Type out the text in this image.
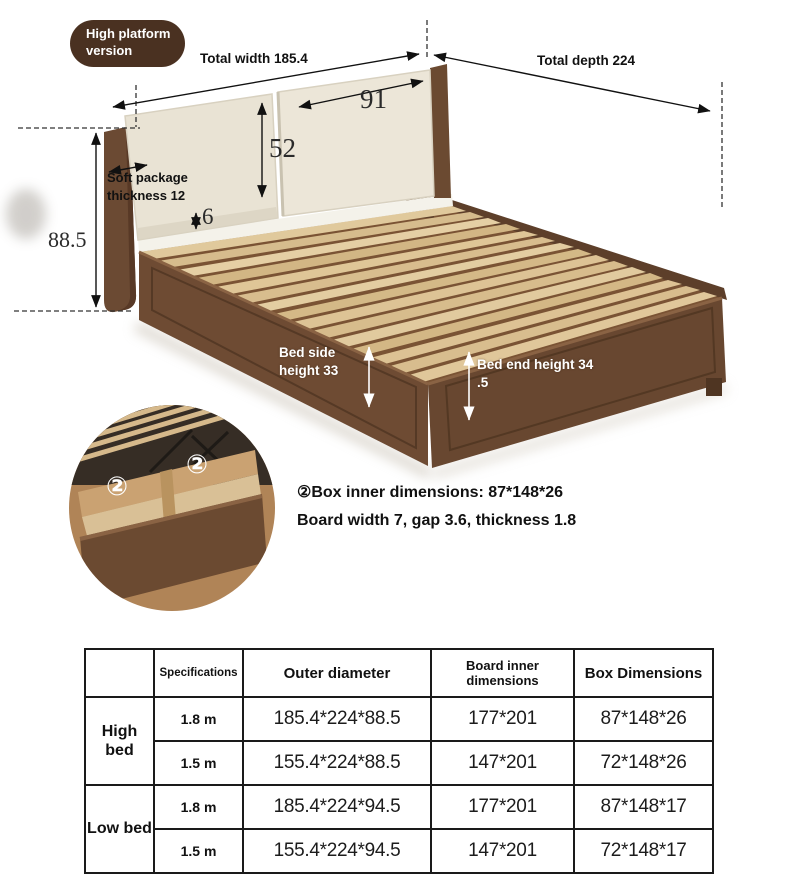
High platform
version
Total width 185.4	Total depth 224
91
52
88.5
6
Soft package
thickness 12
Bed side
height 33	Bed end height 34
.5
②
②
②Box inner dimensions: 87*148*26
Board width 7, gap 3.6, thickness 1.8
	Specifications	Outer diameter	Board inner dimensions	Box Dimensions
High bed	1.8 m	185.4*224*88.5	177*201	87*148*26
	1.5 m	155.4*224*88.5	147*201	72*148*26
Low bed	1.8 m	185.4*224*94.5	177*201	87*148*17
	1.5 m	155.4*224*94.5	147*201	72*148*17
